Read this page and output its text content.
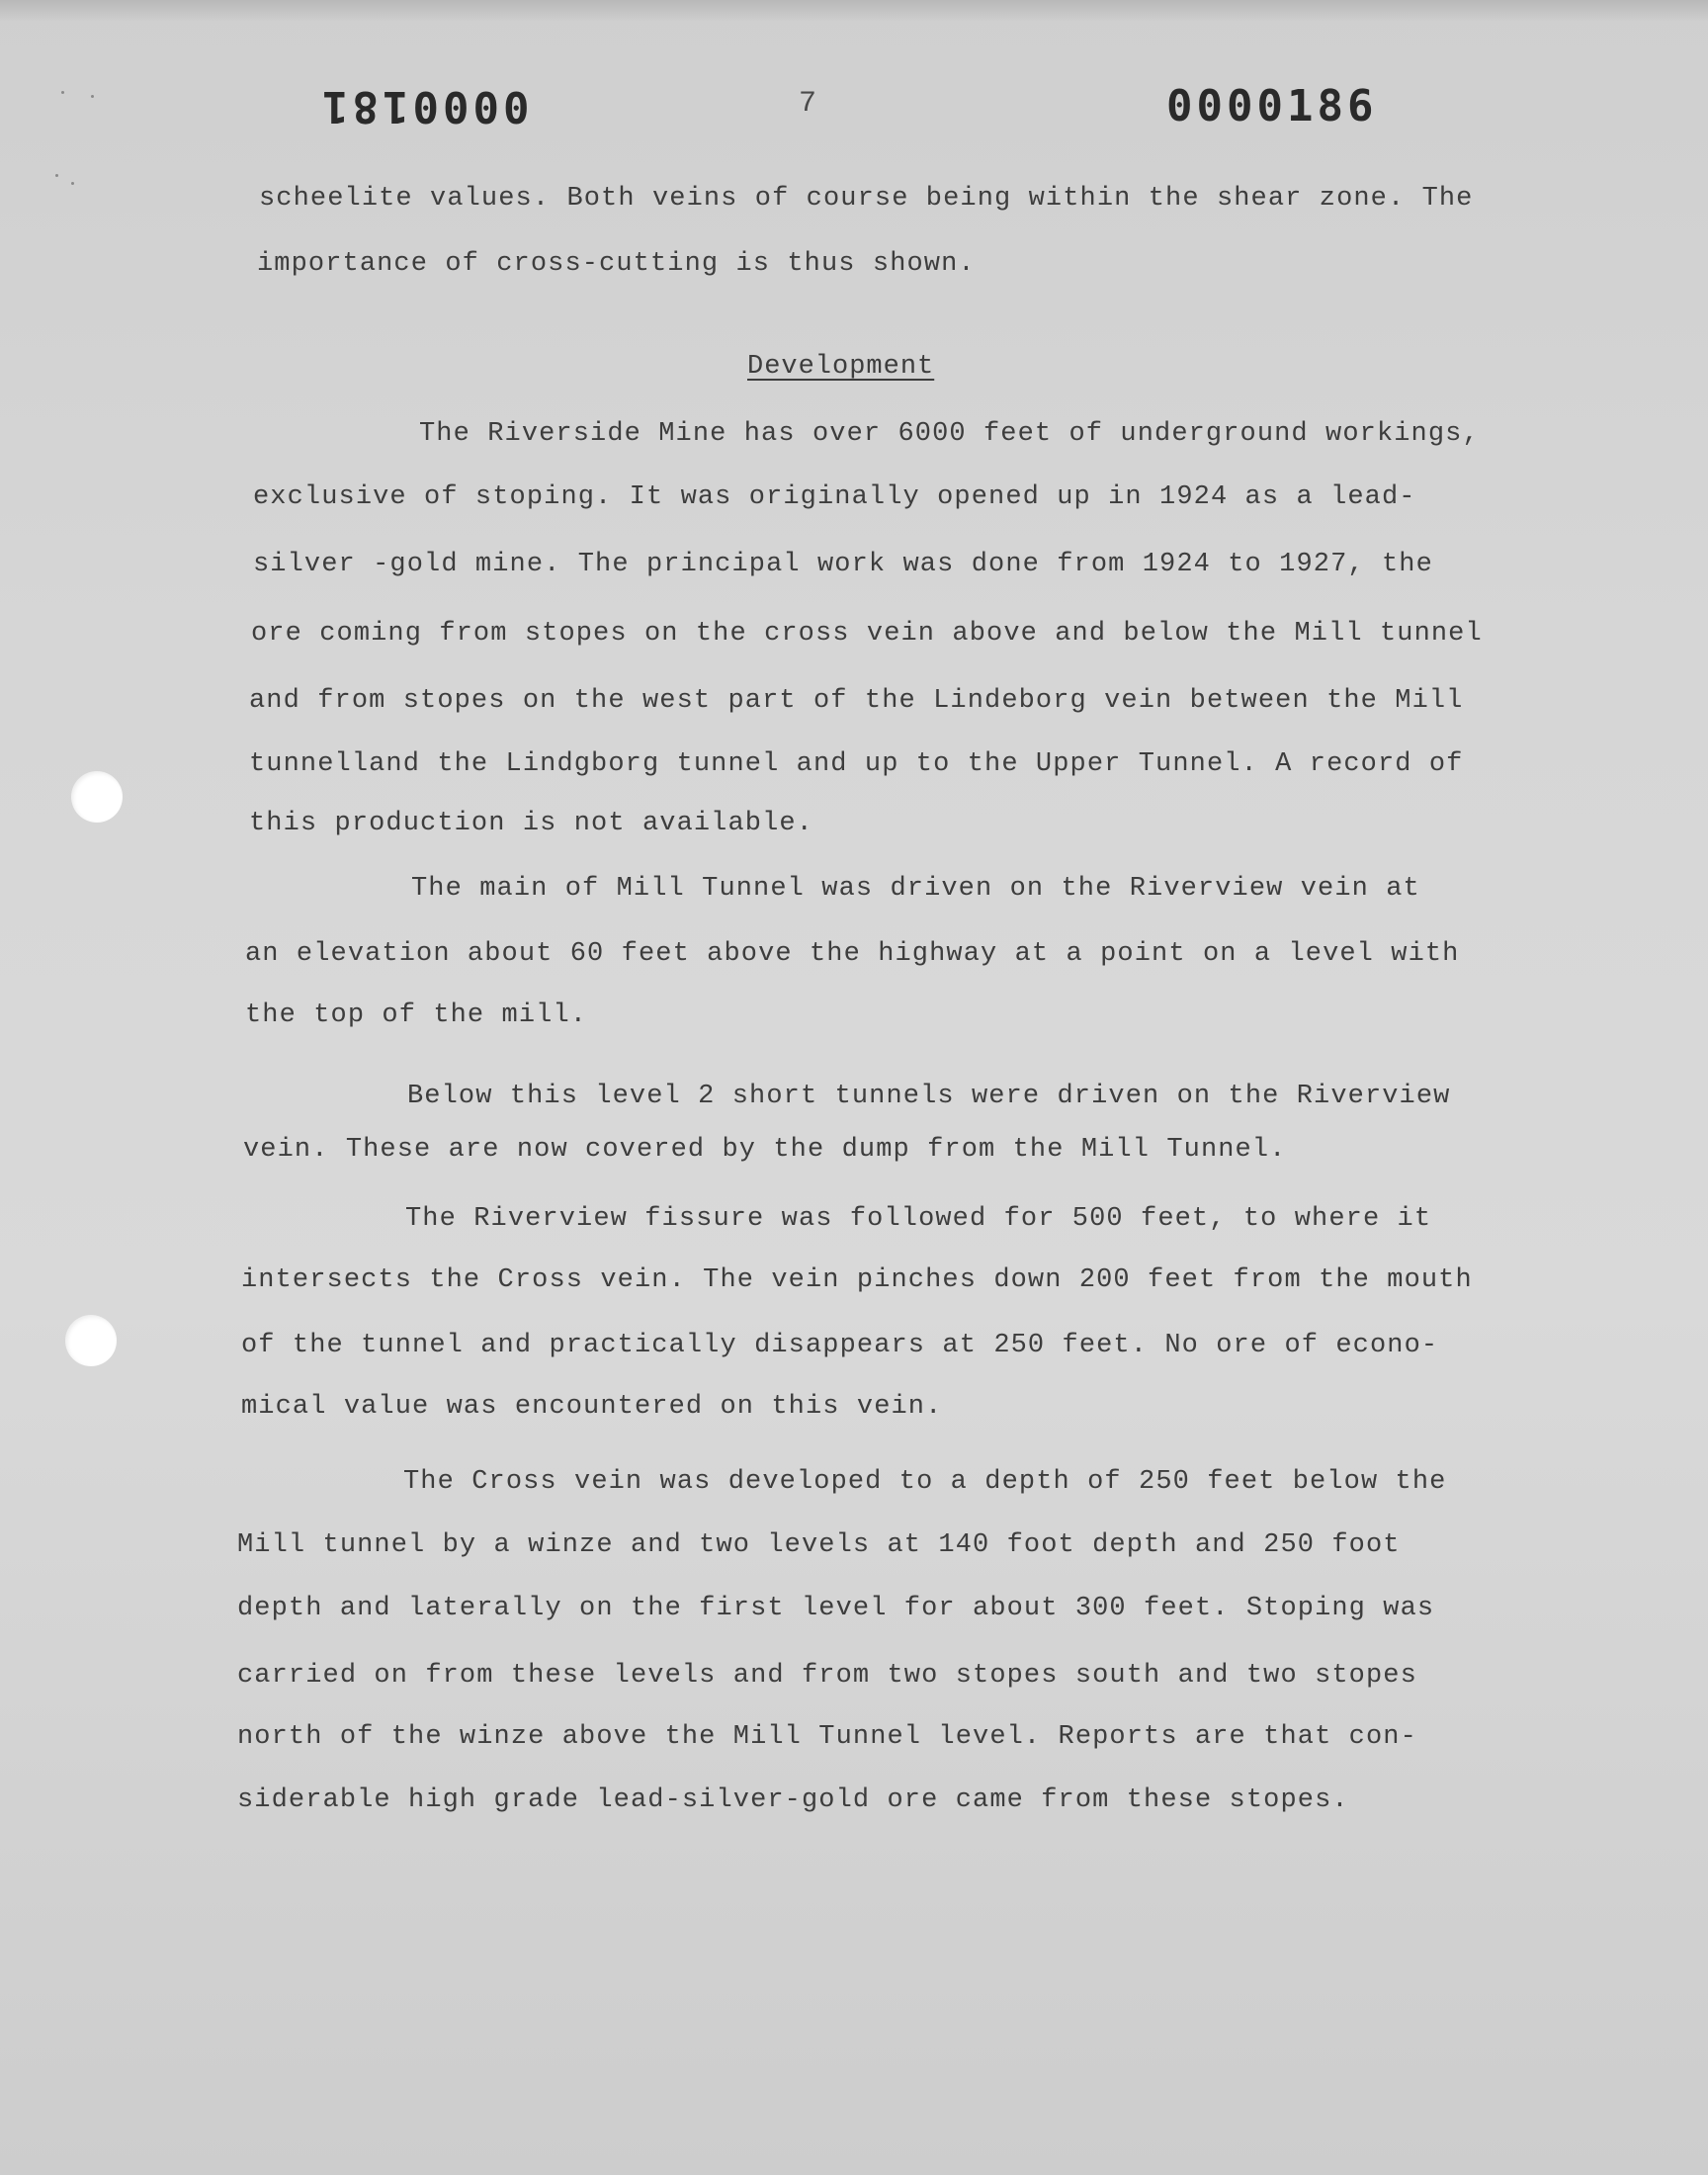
0000181	7	0000186
scheelite values. Both veins of course being within the shear zone. The
importance of cross-cutting is thus shown.
Development
The Riverside Mine has over 6000 feet of underground workings,
exclusive of stoping. It was originally opened up in 1924 as a lead-
silver -gold mine. The principal work was done from 1924 to 1927, the
ore coming from stopes on the cross vein above and below the Mill tunnel
and from stopes on the west part of the Lindeborg vein between the Mill
tunnelland the Lindgborg tunnel and up to the Upper Tunnel. A record of
this production is not available.
The main of Mill Tunnel was driven on the Riverview vein at
an elevation about 60 feet above the highway at a point on a level with
the top of the mill.
Below this level 2 short tunnels were driven on the Riverview
vein. These are now covered by the dump from the Mill Tunnel.
The Riverview fissure was followed for 500 feet, to where it
intersects the Cross vein. The vein pinches down 200 feet from the mouth
of the tunnel and practically disappears at 250 feet. No ore of econo-
mical value was encountered on this vein.
The Cross vein was developed to a depth of 250 feet below the
Mill tunnel by a winze and two levels at 140 foot depth and 250 foot
depth and laterally on the first level for about 300 feet. Stoping was
carried on from these levels and from two stopes south and two stopes
north of the winze above the Mill Tunnel level. Reports are that con-
siderable high grade lead-silver-gold ore came from these stopes.
